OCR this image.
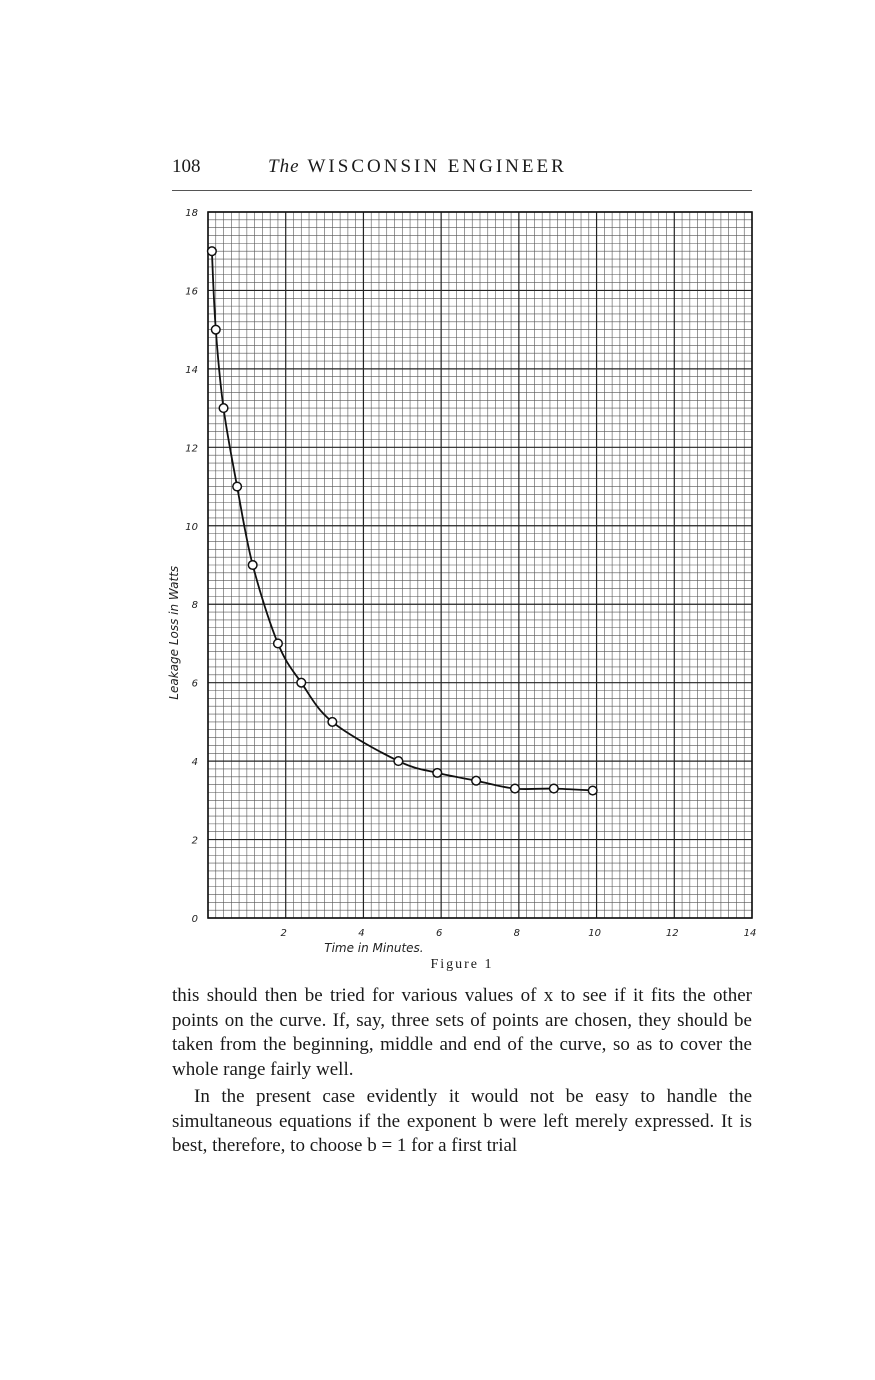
108	The WISCONSIN ENGINEER
0
2
4
6
8
10
12
14
16
18
2	4	6	8	10	12	14
Time in Minutes.
Leakage Loss in Watts
Figure 1

this should then be tried for various values of x to see if it fits the other points on the curve. If, say, three sets of points are chosen, they should be taken from the beginning, middle and end of the curve, so as to cover the whole range fairly well.

In the present case evidently it would not be easy to handle the simultaneous equations if the exponent b were left merely expressed. It is best, therefore, to choose b = 1 for a first trial
